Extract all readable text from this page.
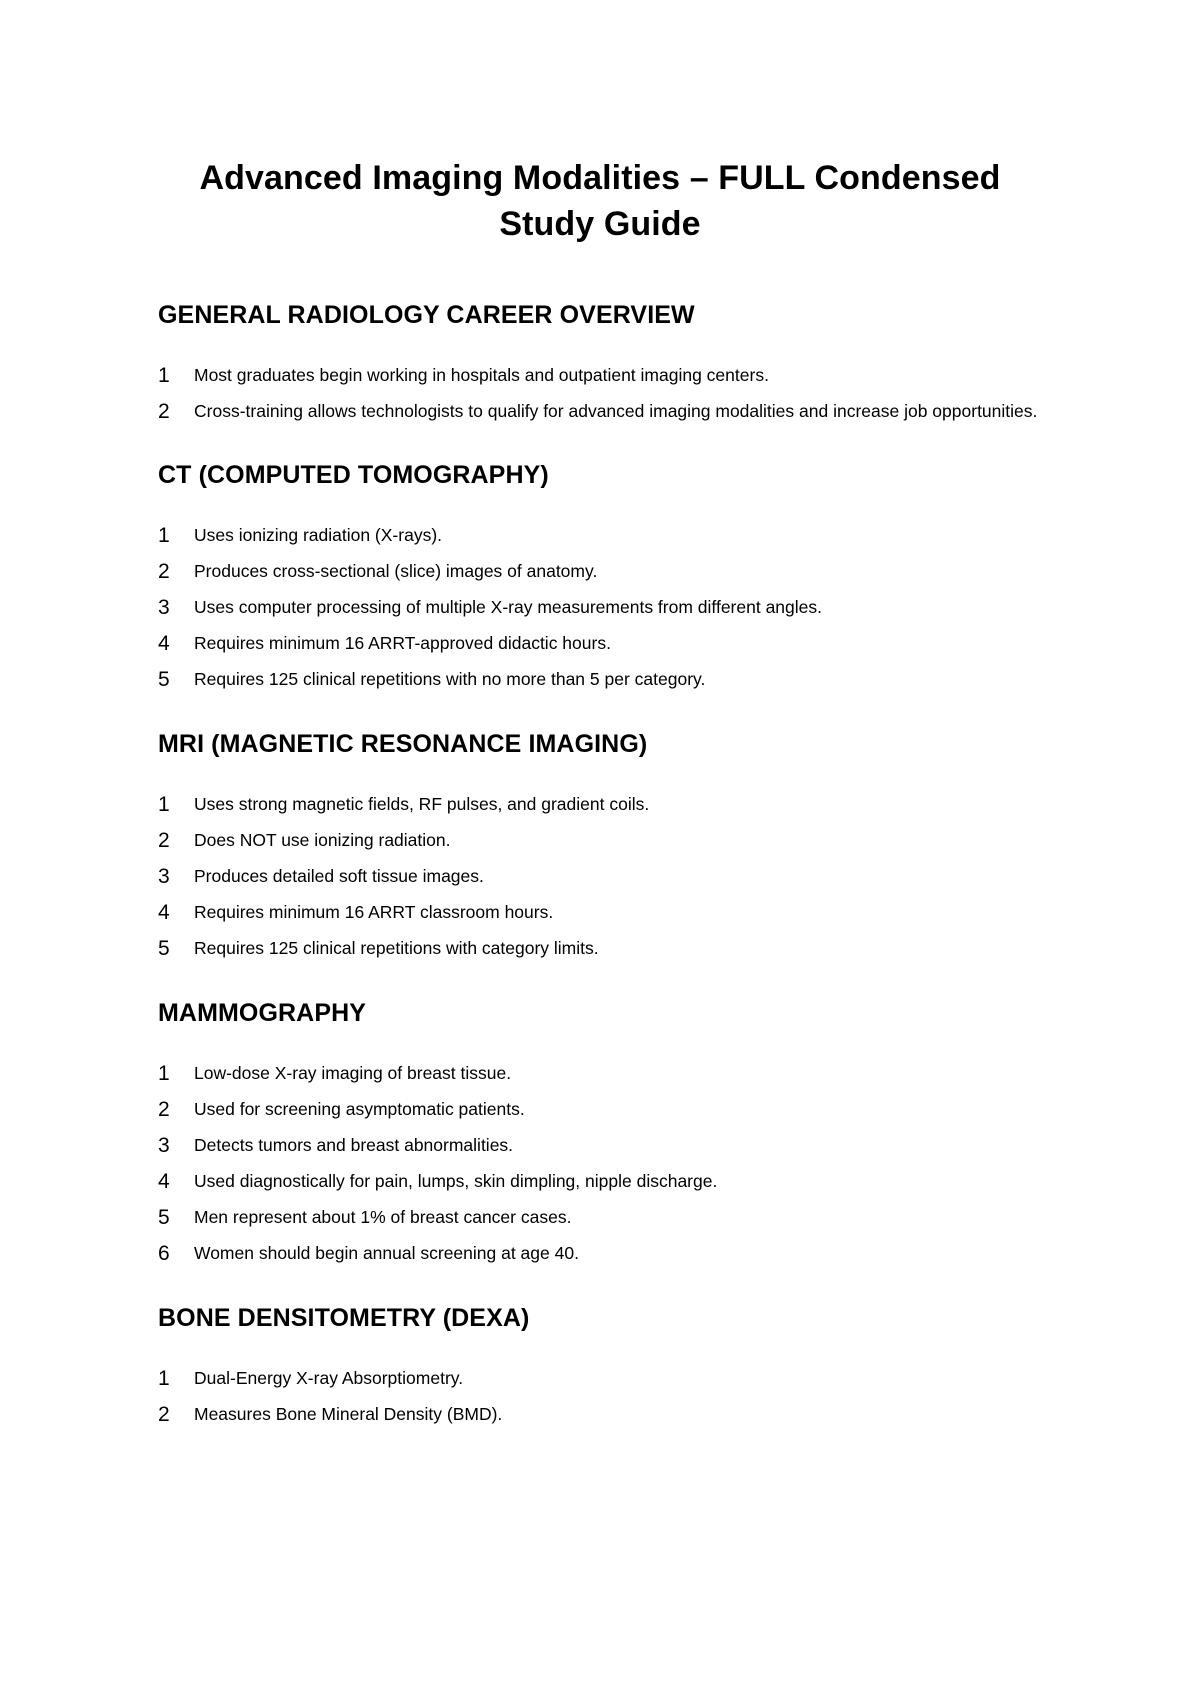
Advanced Imaging Modalities – FULL Condensed Study Guide
GENERAL RADIOLOGY CAREER OVERVIEW
1 Most graduates begin working in hospitals and outpatient imaging centers.
2 Cross-training allows technologists to qualify for advanced imaging modalities and increase job opportunities.
CT (COMPUTED TOMOGRAPHY)
1 Uses ionizing radiation (X-rays).
2 Produces cross-sectional (slice) images of anatomy.
3 Uses computer processing of multiple X-ray measurements from different angles.
4 Requires minimum 16 ARRT-approved didactic hours.
5 Requires 125 clinical repetitions with no more than 5 per category.
MRI (MAGNETIC RESONANCE IMAGING)
1 Uses strong magnetic fields, RF pulses, and gradient coils.
2 Does NOT use ionizing radiation.
3 Produces detailed soft tissue images.
4 Requires minimum 16 ARRT classroom hours.
5 Requires 125 clinical repetitions with category limits.
MAMMOGRAPHY
1 Low-dose X-ray imaging of breast tissue.
2 Used for screening asymptomatic patients.
3 Detects tumors and breast abnormalities.
4 Used diagnostically for pain, lumps, skin dimpling, nipple discharge.
5 Men represent about 1% of breast cancer cases.
6 Women should begin annual screening at age 40.
BONE DENSITOMETRY (DEXA)
1 Dual-Energy X-ray Absorptiometry.
2 Measures Bone Mineral Density (BMD).
